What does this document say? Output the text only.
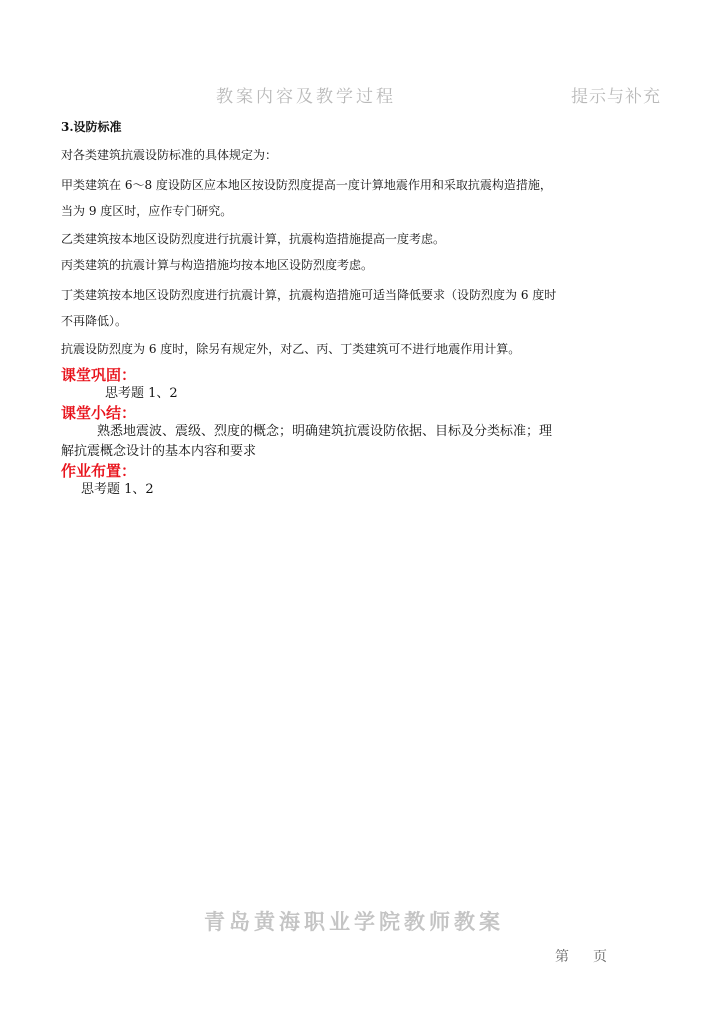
教案内容及教学过程	提示与补充
3.设防标准
对各类建筑抗震设防标准的具体规定为：
甲类建筑在 6～8 度设防区应本地区按设防烈度提高一度计算地震作用和采取抗震构造措施，当为 9 度区时，应作专门研究。
乙类建筑按本地区设防烈度进行抗震计算，抗震构造措施提高一度考虑。
丙类建筑的抗震计算与构造措施均按本地区设防烈度考虑。
丁类建筑按本地区设防烈度进行抗震计算，抗震构造措施可适当降低要求（设防烈度为 6 度时不再降低）。
抗震设防烈度为 6 度时，除另有规定外，对乙、丙、丁类建筑可不进行地震作用计算。
课堂巩固：
思考题 1、2
课堂小结：
熟悉地震波、震级、烈度的概念；明确建筑抗震设防依据、目标及分类标准；理解抗震概念设计的基本内容和要求
作业布置：
思考题 1、2
青岛黄海职业学院教师教案
第 页
